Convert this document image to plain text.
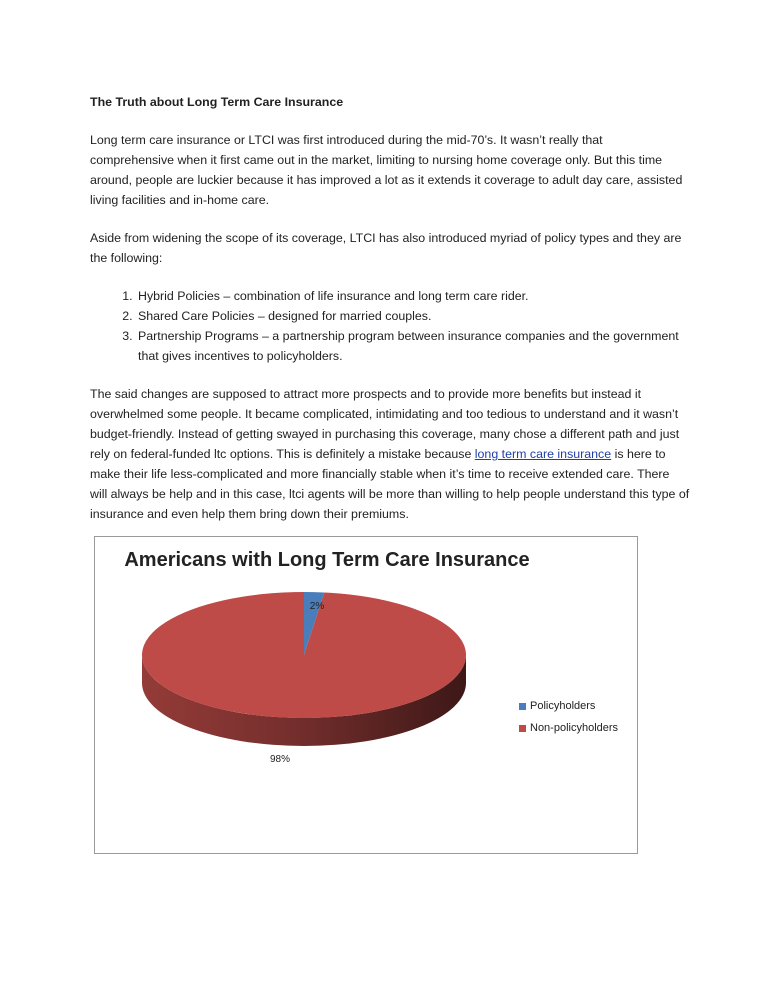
The Truth about Long Term Care Insurance

Long term care insurance or LTCI was first introduced during the mid-70’s. It wasn’t really that comprehensive when it first came out in the market, limiting to nursing home coverage only. But this time around, people are luckier because it has improved a lot as it extends it coverage to adult day care, assisted living facilities and in-home care.

Aside from widening the scope of its coverage, LTCI has also introduced myriad of policy types and they are the following:

1. Hybrid Policies – combination of life insurance and long term care rider.
2. Shared Care Policies – designed for married couples.
3. Partnership Programs – a partnership program between insurance companies and the government that gives incentives to policyholders.

The said changes are supposed to attract more prospects and to provide more benefits but instead it overwhelmed some people. It became complicated, intimidating and too tedious to understand and it wasn’t budget-friendly. Instead of getting swayed in purchasing this coverage, many chose a different path and just rely on federal-funded ltc options. This is definitely a mistake because long term care insurance is here to make their life less-complicated and more financially stable when it’s time to receive extended care. There will always be help and in this case, ltci agents will be more than willing to help people understand this type of insurance and even help them bring down their premiums.

Americans with Long Term Care Insurance
2%
98%
Policyholders
Non-policyholders
